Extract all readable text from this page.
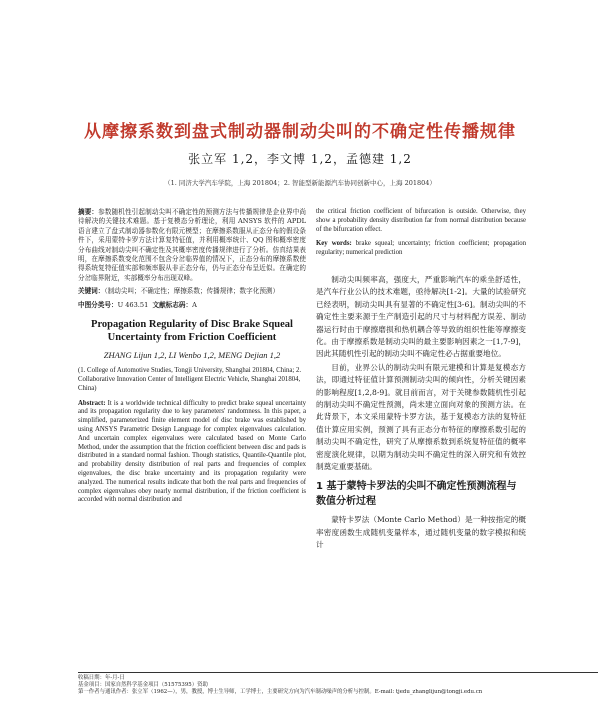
从摩擦系数到盘式制动器制动尖叫的不确定性传播规律
张立军 1,2，李文博 1,2，孟德建 1,2
（1. 同济大学汽车学院，上海 201804；2. 智能型新能源汽车协同创新中心，上海 201804）
摘要：参数随机性引起制动尖叫不确定性的预测方法与传播规律是企业界中尚待解决的关键技术难题。基于复模态分析理论，利用 ANSYS 软件的 APDL 语言建立了盘式制动器参数化有限元模型；在摩擦系数服从正态分布的假设条件下，采用蒙特卡罗方法计算复特征值，并利用概率统计、QQ 图和概率密度分布曲线对制动尖叫不确定性及其概率密度传播规律进行了分析。仿真结果表明，在摩擦系数变化范围不包含分岔临界值的情况下，正态分布的摩擦系数使得系统复特征值实部和频率服从非正态分布，仍与正态分布呈近似。在确定的分岔临界附近，实部概率分布出现双峰。
关键词：（制动尖叫；不确定性；摩擦系数；传播规律；数字化预测）
中图分类号：U 463.51 文献标志码：A
Propagation Regularity of Disc Brake Squeal Uncertainty from Friction Coefficient
ZHANG Lijun 1,2, LI Wenbo 1,2, MENG Dejian 1,2
(1. College of Automotive Studies, Tongji University, Shanghai 201804, China; 2. Collaborative Innovation Center of Intelligent Electric Vehicle, Shanghai 201804, China)
Abstract: It is a worldwide technical difficulty to predict brake squeal uncertainty and its propagation regularity due to key parameters' randomness. In this paper, a simplified, parameterized finite element model of disc brake was established by using ANSYS Parametric Design Language for complex eigenvalues calculation. And uncertain complex eigenvalues were calculated based on Monte Carlo Method, under the assumption that the friction coefficient between disc and pads is distributed in a standard normal fashion. Though statistics, Quantile-Quantile plot, and probability density distribution of real parts and frequencies of complex eigenvalues, the disc brake uncertainty and its propagation regularity were analyzed. The numerical results indicate that both the real parts and frequencies of complex eigenvalues obey nearly normal distribution, if the friction coefficient is accorded with normal distribution and
the critical friction coefficient of bifurcation is outside. Otherwise, they show a probability density distribution far from normal distribution because of the bifurcation effect.
Key words: brake squeal; uncertainty; friction coefficient; propagation regularity; numerical prediction
制动尖叫频率高，强度大，严重影响汽车的乘坐舒适性，是汽车行业公认的技术难题，亟待解决[1-2]。大量的试验研究已经表明，制动尖叫具有显著的不确定性[3-6]。制动尖叫的不确定性主要来源于生产制造引起的尺寸与材料配方误差、制动器运行时由于摩擦磨损和热机耦合等导致的组织性能等摩擦变化。由于摩擦系数是制动尖叫的最主要影响因素之一[1,7-9]，因此其随机性引起的制动尖叫不确定性必占据重要地位。
目前，业界公认的制动尖叫有限元建模和计算是复模态方法，即通过特征值计算预测制动尖叫的倾向性，分析关键因素的影响程度[1,2,8-9]。就目前而言，对于关键参数随机性引起的制动尖叫不确定性预测，尚未建立面向对象的预测方法。在此背景下，本文采用蒙特卡罗方法，基于复模态方法的复特征值计算应用实例，预测了具有正态分布特征的摩擦系数引起的制动尖叫不确定性，研究了从摩擦系数到系统复特征值的概率密度演化规律，以期为制动尖叫不确定性的深入研究和有效控制奠定重要基础。
1 基于蒙特卡罗法的尖叫不确定性预测流程与数值分析过程
蒙特卡罗法（Monte Carlo Method）是一种按指定的概率密度函数生成随机变量样本，通过随机变量的数字模拟和统计
收稿日期：年-月-日
基金项目：国家自然科学基金项目（51575395）资助
第一作者与通讯作者：张立军（1962—），男，教授，博士生导师，工学博士，主要研究方向为汽车制动噪声的分析与控制。E-mail: tjedu_zhanglijun@tongji.edu.cn
